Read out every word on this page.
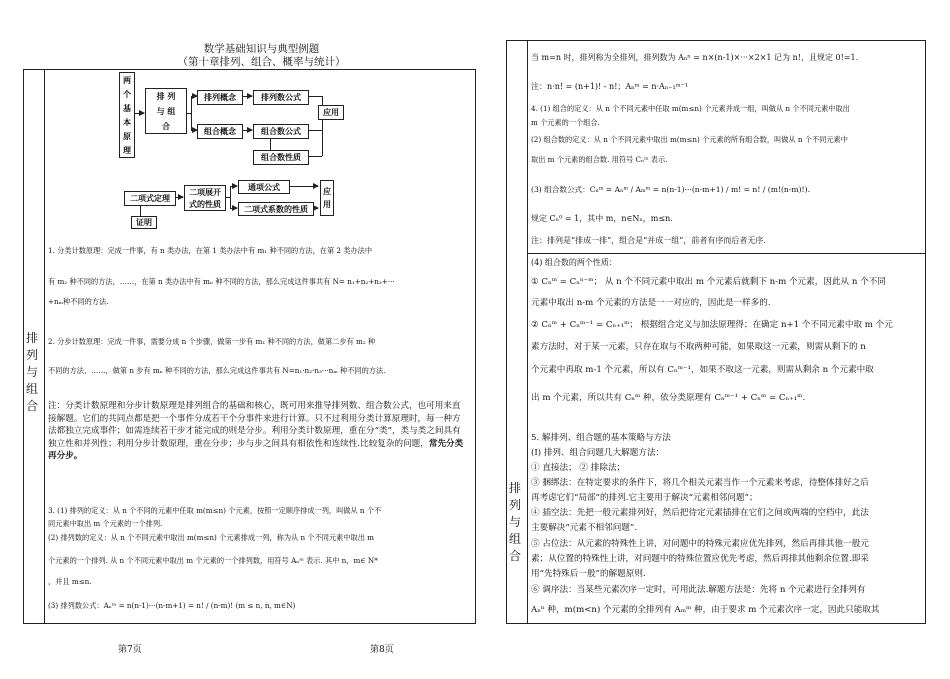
数学基础知识与典型例题
（第十章排列、组合、概率与统计）
排列与组合
两个基本原理
排 列 与 组 合
排列概念	排列数公式
组合概念	组合数公式
组合数性质
应用
二项式定理
二项展开式的性质
通项公式
二项式系数的性质
应用
证明
1. 分类计数原理：完成一件事，有 n 类办法，在第 1 类办法中有 m₁ 种不同的方法，在第 2 类办法中
有 m₂ 种不同的方法，……，在第 n 类办法中有 mₙ 种不同的方法，那么完成这件事共有 N= n₁+n₂+n₃+···
+nₘ种不同的方法.
2. 分步计数原理：完成一件事，需要分成 n 个步骤，做第一步有 m₁ 种不同的方法，做第二步有 m₂ 种
不同的方法，……，做第 n 步有 mₙ 种不同的方法，那么完成这件事共有 N=n₁·n₂·n₃···nₘ 种不同的方法.
注：分类计数原理和分步计数原理是排列组合的基础和核心，既可用来推导排列数、组合数公式，也可用来直接解题。它们的共同点都是把一个事件分成若干个分事件来进行计算。只不过利用分类计算原理时，每一种方法都独立完成事件；如需连续若干步才能完成的则是分步。利用分类计数原理，重在分“类”，类与类之间具有独立性和并列性；利用分步计数原理，重在分步；步与步之间具有相依性和连续性.比较复杂的问题，常先分类再分步。
3. (1) 排列的定义：从 n 个不同的元素中任取 m(m≤n) 个元素，按照一定顺序排成一列，叫做从 n 个不
同元素中取出 m 个元素的一个排列.
(2) 排列数的定义：从 n 个不同元素中取出 m(m≤n) 个元素排成一列，称为从 n 个不同元素中取出 m
个元素的一个排列. 从 n 个不同元素中取出 m 个元素的一个排列数，用符号 Aₙᵐ 表示. 其中 n，m∈ N*
，并且 m≤n.
(3) 排列数公式：Aₙᵐ = n(n-1)···(n-m+1) = n! / (n-m)! (m ≤ n, n, m∈N)
第7页
排列与组合
当 m=n 时，排列称为全排列，排列数为 Aₙⁿ = n×(n-1)×···×2×1 记为 n!，且规定 0!=1.
注：n·n! = (n+1)! - n!；Aₙᵐ = n·Aₙ₋₁ᵐ⁻¹
4. (1) 组合的定义：从 n 个不同元素中任取 m(m≤n) 个元素并成一组，叫做从 n 个不同元素中取出
m 个元素的一个组合.
(2) 组合数的定义：从 n 个不同元素中取出 m(m≤n) 个元素的所有组合数，叫做从 n 个不同元素中
取出 m 个元素的组合数. 用符号 Cₙᵐ 表示.
(3) 组合数公式：Cₙᵐ = Aₙᵐ / Aₘᵐ = n(n-1)···(n-m+1) / m! = n! / (m!(n-m)!).
规定 Cₙ⁰ = 1，其中 m，n∈Nₓ，m≤n.
注：排列是“排成一排”，组合是“并成一组”，前者有序而后者无序.
(4) 组合数的两个性质：
① Cₙᵐ = Cₙⁿ⁻ᵐ； 从 n 个不同元素中取出 m 个元素后就剩下 n-m 个元素，因此从 n 个不同
元素中取出 n-m 个元素的方法是一一对应的，因此是一样多的.
② Cₙᵐ + Cₙᵐ⁻¹ = Cₙ₊₁ᵐ； 根据组合定义与加法原理得；在确定 n+1 个不同元素中取 m 个元
素方法时，对于某一元素，只存在取与不取两种可能，如果取这一元素，则需从剩下的 n
个元素中再取 m-1 个元素，所以有 Cₙᵐ⁻¹，如果不取这一元素，则需从剩余 n 个元素中取
出 m 个元素，所以共有 Cₙᵐ 种，依分类原理有 Cₙᵐ⁻¹ + Cₙᵐ = Cₙ₊₁ᵐ.
5. 解排列、组合题的基本策略与方法
(Ⅰ) 排列、组合问题几大解题方法：
① 直接法； ② 排除法；
③ 捆绑法：在特定要求的条件下，将几个相关元素当作一个元素来考虑，待整体排好之后
再考虑它们“局部”的排列.它主要用于解决“元素相邻问题”；
④ 插空法：先把一般元素排列好，然后把待定元素插排在它们之间或两端的空档中，此法
主要解决“元素不相邻问题”.
⑤ 占位法：从元素的特殊性上讲，对问题中的特殊元素应优先排列，然后再排其他一般元
素；从位置的特殊性上讲，对问题中的特殊位置应优先考虑，然后再排其他剩余位置.即采
用“先特殊后一般”的解题原则.
⑥ 调序法：当某些元素次序一定时，可用此法.解题方法是：先将 n 个元素进行全排列有
Aₙⁿ 种，m(m<n) 个元素的全排列有 Aₘᵐ 种，由于要求 m 个元素次序一定，因此只能取其
第8页
